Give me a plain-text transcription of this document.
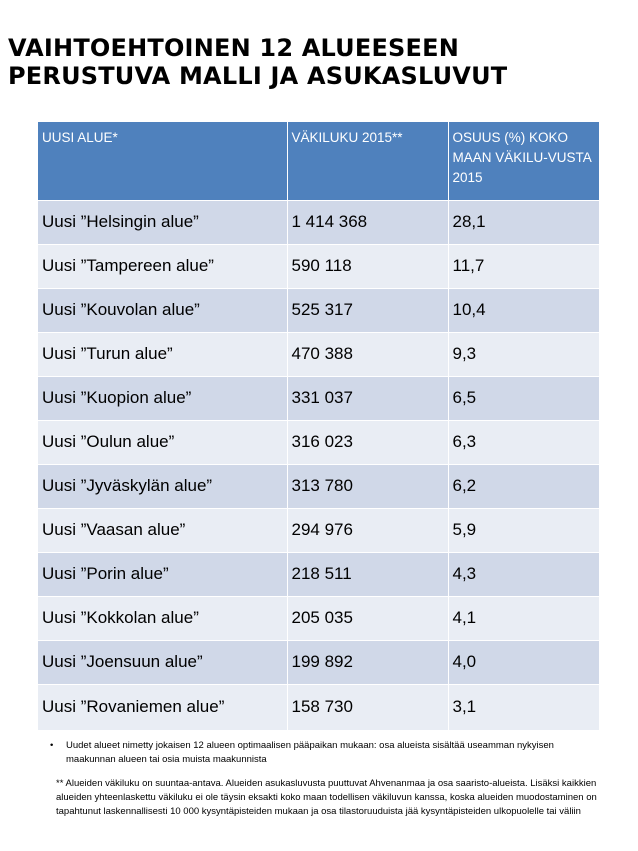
VAIHTOEHTOINEN 12 ALUEESEEN
PERUSTUVA MALLI JA ASUKASLUVUT
UUSI ALUE*	VÄKILUKU 2015**	OSUUS (%) KOKO MAAN VÄKILU-VUSTA 2015
Uusi ”Helsingin alue”	1 414 368	28,1
Uusi ”Tampereen alue”	590 118	11,7
Uusi ”Kouvolan alue”	525 317	10,4
Uusi ”Turun alue”	470 388	9,3
Uusi ”Kuopion alue”	331 037	6,5
Uusi ”Oulun alue”	316 023	6,3
Uusi ”Jyväskylän alue”	313 780	6,2
Uusi ”Vaasan alue”	294 976	5,9
Uusi ”Porin alue”	218 511	4,3
Uusi ”Kokkolan alue”	205 035	4,1
Uusi ”Joensuun alue”	199 892	4,0
Uusi ”Rovaniemen alue”	158 730	3,1

• Uudet alueet nimetty jokaisen 12 alueen optimaalisen pääpaikan mukaan: osa alueista sisältää useamman nykyisen maakunnan alueen tai osia muista maakunnista

** Alueiden väkiluku on suuntaa-antava. Alueiden asukasluvusta puuttuvat Ahvenanmaa ja osa saaristo-alueista. Lisäksi kaikkien alueiden yhteenlaskettu väkiluku ei ole täysin eksakti koko maan todellisen väkiluvun kanssa, koska alueiden muodostaminen on tapahtunut laskennallisesti 10 000 kysyntäpisteiden mukaan ja osa tilastoruuduista jää kysyntäpisteiden ulkopuolelle tai väliin
